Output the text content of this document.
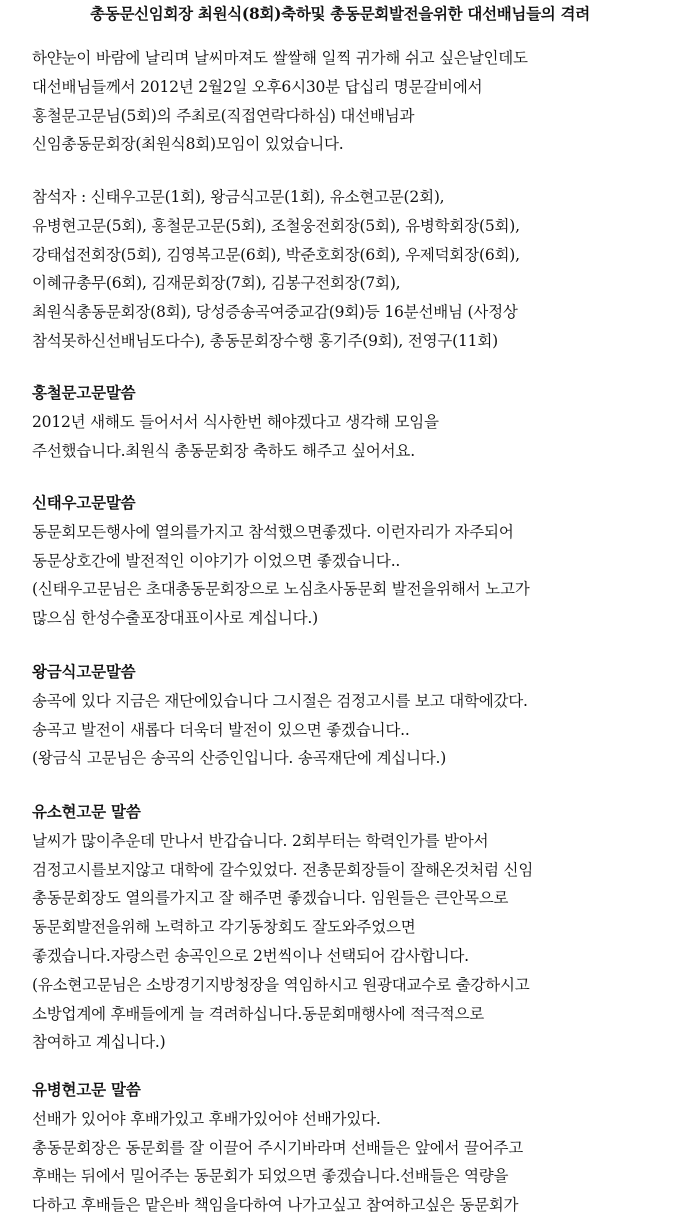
총동문신임회장 최원식(8회)축하및 총동문회발전을위한 대선배님들의 격려
하얀눈이 바람에 날리며 날씨마져도 쌀쌀해 일찍 귀가해 쉬고 싶은날인데도
대선배님들께서 2012년 2월2일 오후6시30분 답십리 명문갈비에서
홍철문고문님(5회)의 주최로(직접연락다하심) 대선배님과
신임총동문회장(최원식8회)모임이 있었습니다.
참석자 : 신태우고문(1회), 왕금식고문(1회), 유소현고문(2회),
유병현고문(5회), 홍철문고문(5회), 조철웅전회장(5회), 유병학회장(5회),
강태섭전회장(5회), 김영복고문(6회), 박준호회장(6회), 우제덕회장(6회),
이혜규총무(6회), 김재문회장(7회), 김봉구전회장(7회),
최원식총동문회장(8회), 당성증송곡여중교감(9회)등 16분선배님 (사정상
참석못하신선배님도다수), 총동문회장수행 홍기주(9회), 전영구(11회)
홍철문고문말씀
2012년 새해도 들어서서 식사한번 해야겠다고 생각해 모임을
주선했습니다.최원식 총동문회장 축하도 해주고 싶어서요.
신태우고문말씀
동문회모든행사에 열의를가지고 참석했으면좋겠다. 이런자리가 자주되어
동문상호간에 발전적인 이야기가 이었으면 좋겠습니다..
(신태우고문님은 초대총동문회장으로 노심초사동문회 발전을위해서 노고가
많으심 한성수출포장대표이사로 계십니다.)
왕금식고문말씀
송곡에 있다 지금은 재단에있습니다 그시절은 검정고시를 보고 대학에갔다.
송곡고 발전이 새롭다 더욱더 발전이 있으면 좋겠습니다..
(왕금식 고문님은 송곡의 산증인입니다. 송곡재단에 계십니다.)
유소현고문 말씀
날씨가 많이추운데 만나서 반갑습니다. 2회부터는 학력인가를 받아서
검정고시를보지않고 대학에 갈수있었다. 전총문회장들이 잘해온것처럼 신임
총동문회장도 열의를가지고 잘 해주면 좋겠습니다. 임원들은 큰안목으로
동문회발전을위해 노력하고 각기동창회도 잘도와주었으면
좋겠습니다.자랑스런 송곡인으로 2번씩이나 선택되어 감사합니다.
(유소현고문님은 소방경기지방청장을 역임하시고 원광대교수로 출강하시고
소방업계에 후배들에게 늘 격려하십니다.동문회매행사에 적극적으로
참여하고 계십니다.)
유병현고문 말씀
선배가 있어야 후배가있고 후배가있어야 선배가있다.
총동문회장은 동문회를 잘 이끌어 주시기바라며 선배들은 앞에서 끌어주고
후배는 뒤에서 밀어주는 동문회가 되었으면 좋겠습니다.선배들은 역량을
다하고 후배들은 맡은바 책임을다하여 나가고싶고 참여하고싶은 동문회가
